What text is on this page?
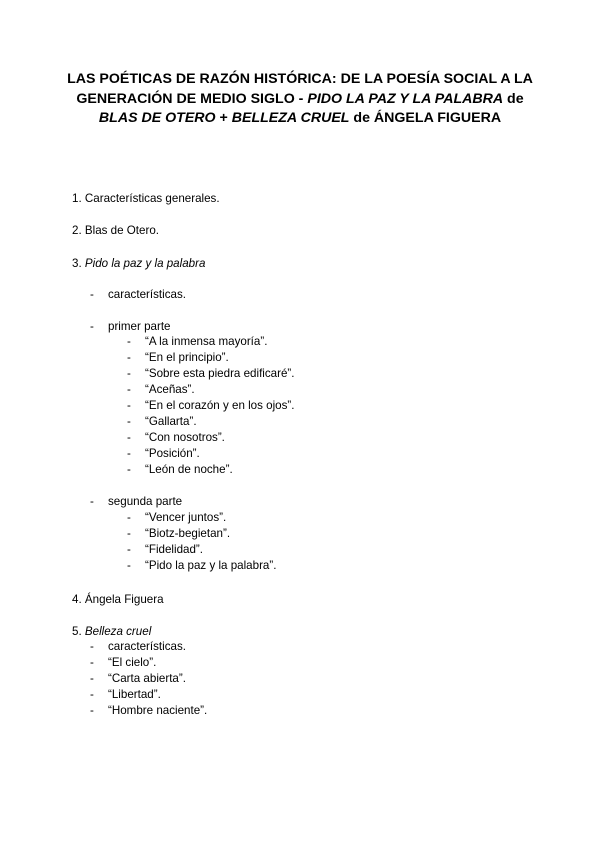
LAS POÉTICAS DE RAZÓN HISTÓRICA: DE LA POESÍA SOCIAL A LA GENERACIÓN DE MEDIO SIGLO - PIDO LA PAZ Y LA PALABRA de BLAS DE OTERO + BELLEZA CRUEL de ÁNGELA FIGUERA
1. Características generales.
2. Blas de Otero.
3. Pido la paz y la palabra
- características.
- primer parte
- “A la inmensa mayoría”.
- “En el principio”.
- “Sobre esta piedra edificaré”.
- “Aceñas”.
- “En el corazón y en los ojos”.
- “Gallarta”.
- “Con nosotros”.
- “Posición”.
- “León de noche”.
- segunda parte
- “Vencer juntos”.
- “Biotz-begietan”.
- “Fidelidad”.
- “Pido la paz y la palabra”.
4. Ángela Figuera
5. Belleza cruel
- características.
- “El cielo”.
- “Carta abierta”.
- “Libertad”.
- “Hombre naciente”.
